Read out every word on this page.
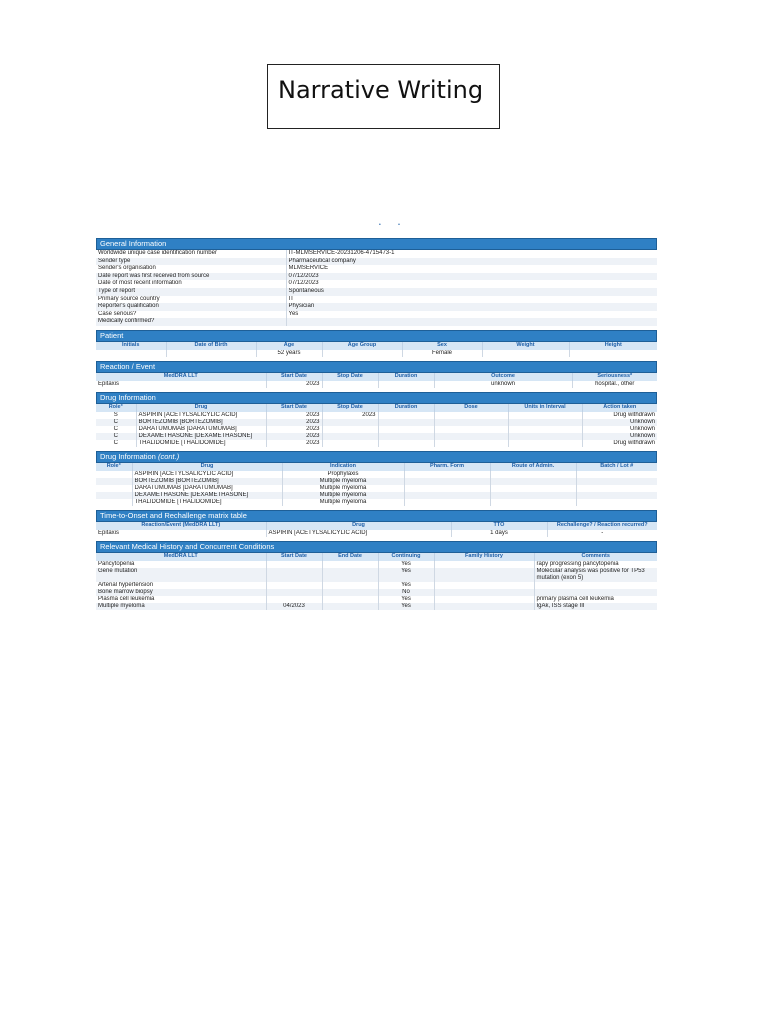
Narrative Writing
• •
General Information
Worldwide unique case identification number	IT-MLMSERVICE-20231206-4715473-1
Sender type	Pharmaceutical company
Sender's organisation	MLMSERVICE
Date report was first received from source	07/12/2023
Date of most recent information	07/12/2023
Type of report	Spontaneous
Primary source country	IT
Reporter's qualification	Physician
Case serious?	Yes
Medically confirmed?	
Patient
Initials	Date of Birth	Age	Age Group	Sex	Weight	Height
		52 years		Female		
Reaction / Event
MedDRA LLT	Start Date	Stop Date	Duration	Outcome	Seriousness*
Epitaxis	2023			unknown	hospital., other
Drug Information
Role°	Drug	Start Date	Stop Date	Duration	Dose	Units in Interval	Action taken
S	ASPIRIN [ACETYLSALICYLIC ACID]	2023	2023				Drug withdrawn
C	BORTEZOMIB [BORTEZOMIB]	2023					Unknown
C	DARATUMUMAB [DARATUMUMAB]	2023					Unknown
C	DEXAMETHASONE [DEXAMETHASONE]	2023					Unknown
C	THALIDOMIDE [THALIDOMIDE]	2023					Drug withdrawn
Drug Information (cont.)
Role°	Drug	Indication	Pharm. Form	Route of Admin.	Batch / Lot #
	ASPIRIN [ACETYLSALICYLIC ACID]	Prophylaxis			
	BORTEZOMIB [BORTEZOMIB]	Multiple myeloma			
	DARATUMUMAB [DARATUMUMAB]	Multiple myeloma			
	DEXAMETHASONE [DEXAMETHASONE]	Multiple myeloma			
	THALIDOMIDE [THALIDOMIDE]	Multiple myeloma			
Time-to-Onset and Rechallenge matrix table
Reaction/Event (MedDRA LLT)	Drug	TTO	Rechallenge? / Reaction recurred?
Epitaxis	ASPIRIN [ACETYLSALICYLIC ACID]	1 days	-
Relevant Medical History and Concurrent Conditions
MedDRA LLT	Start Date	End Date	Continuing	Family History	Comments
Pancytopenia			Yes		rapy progressing pancytopenia
Gene mutation			Yes		Molecular analysis was positive for TP53 mutation (exon 5)
Arterial hypertension			Yes		
Bone marrow biopsy			No		
Plasma cell leukemia			Yes		primary plasma cell leukemia
Multiple myeloma	04/2023		Yes		IgAk, ISS stage III
